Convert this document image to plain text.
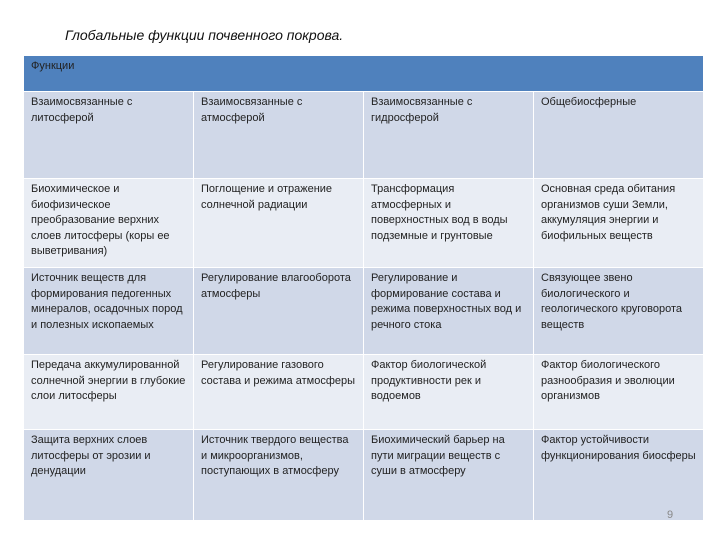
Глобальные функции почвенного покрова.
Функции			
Взаимосвязанные с литосферой	Взаимосвязанные с атмосферой	Взаимосвязанные с гидросферой	Общебиосферные
Биохимическое и биофизическое преобразование верхних слоев литосферы (коры ее выветривания)	Поглощение и отражение солнечной радиации	Трансформация атмосферных и поверхностных вод в воды подземные и грунтовые	Основная среда обитания организмов суши Земли, аккумуляция энергии и биофильных веществ
Источник веществ для формирования педогенных минералов, осадочных пород и полезных ископаемых	Регулирование влагооборота атмосферы	Регулирование и формирование состава и режима поверхностных вод и речного стока	Связующее звено биологического и геологического круговорота веществ
Передача аккумулированной солнечной энергии в глубокие слои литосферы	Регулирование газового состава и режима атмосферы	Фактор биологической продуктивности рек и водоемов	Фактор биологического разнообразия и эволюции организмов
Защита верхних слоев литосферы от эрозии и денудации	Источник твердого вещества и микроорганизмов, поступающих в атмосферу	Биохимический барьер на пути миграции веществ с суши в атмосферу	Фактор устойчивости функционирования биосферы
9
